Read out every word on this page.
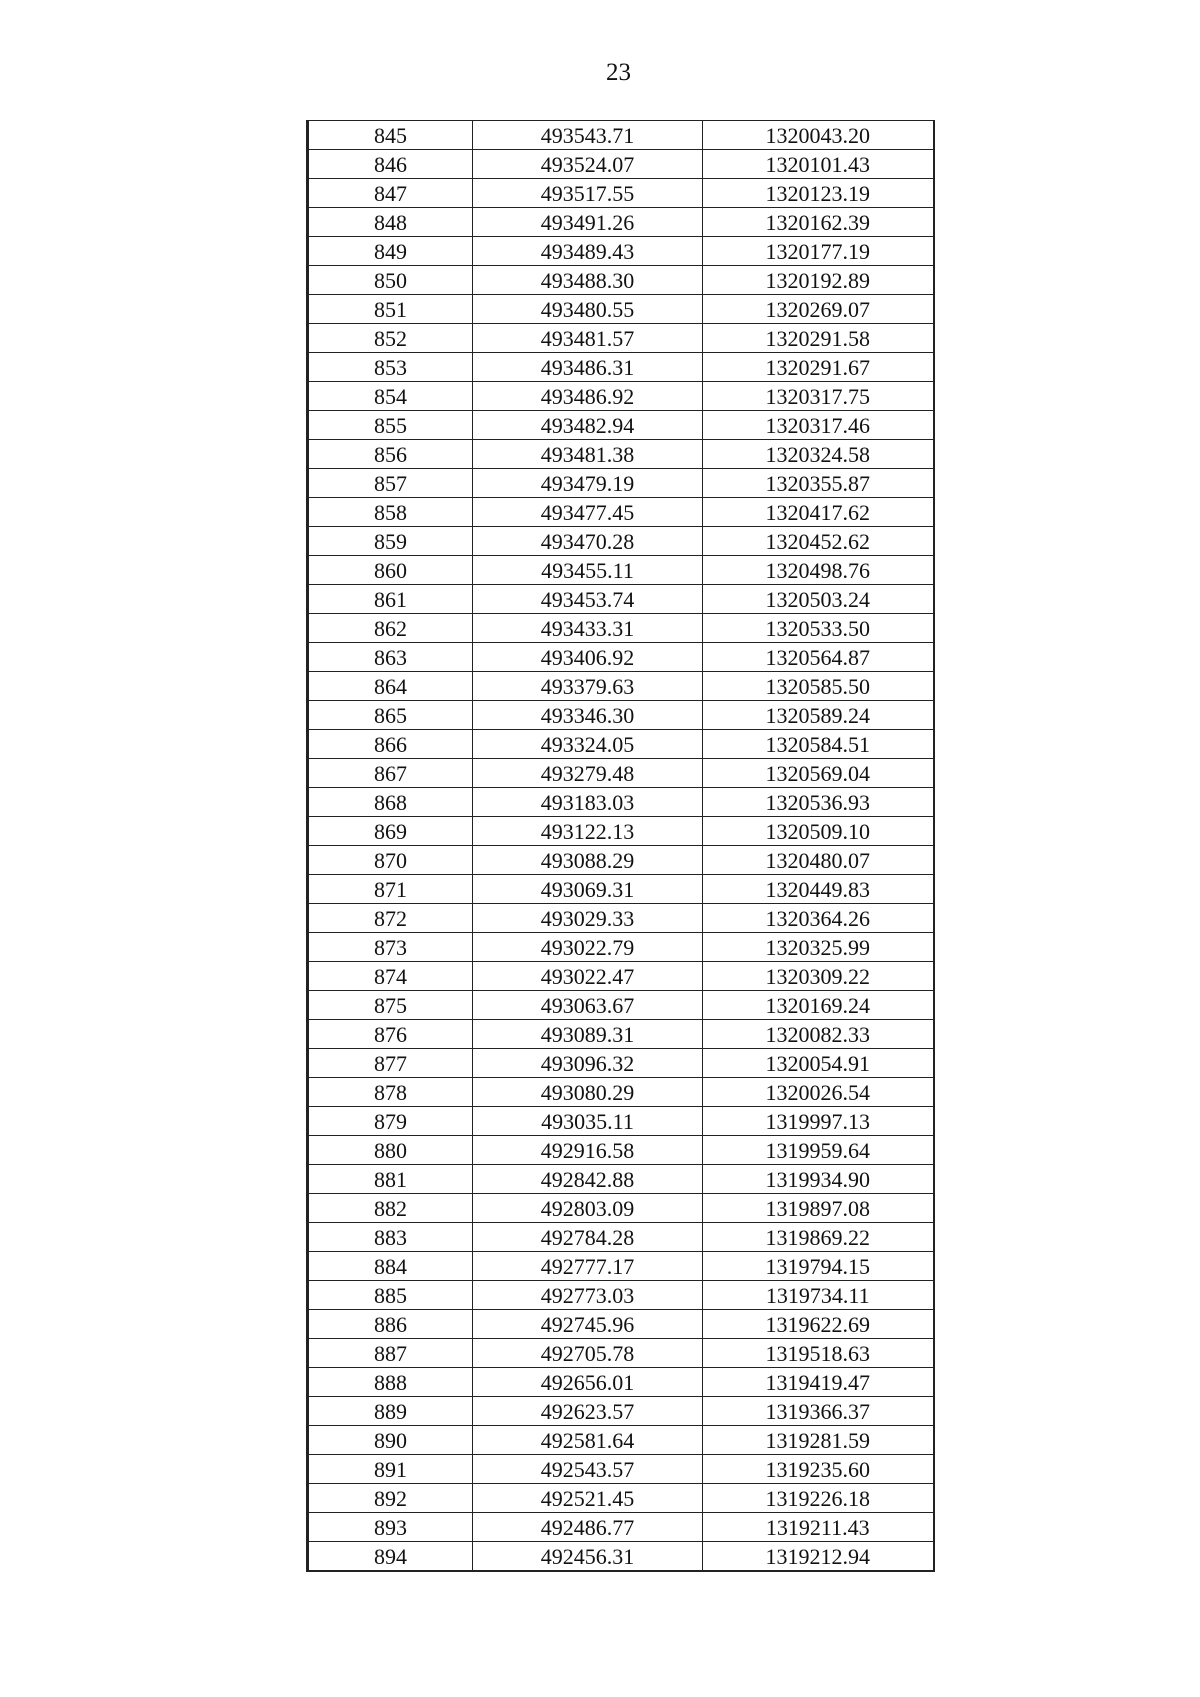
23
845	493543.71	1320043.20
846	493524.07	1320101.43
847	493517.55	1320123.19
848	493491.26	1320162.39
849	493489.43	1320177.19
850	493488.30	1320192.89
851	493480.55	1320269.07
852	493481.57	1320291.58
853	493486.31	1320291.67
854	493486.92	1320317.75
855	493482.94	1320317.46
856	493481.38	1320324.58
857	493479.19	1320355.87
858	493477.45	1320417.62
859	493470.28	1320452.62
860	493455.11	1320498.76
861	493453.74	1320503.24
862	493433.31	1320533.50
863	493406.92	1320564.87
864	493379.63	1320585.50
865	493346.30	1320589.24
866	493324.05	1320584.51
867	493279.48	1320569.04
868	493183.03	1320536.93
869	493122.13	1320509.10
870	493088.29	1320480.07
871	493069.31	1320449.83
872	493029.33	1320364.26
873	493022.79	1320325.99
874	493022.47	1320309.22
875	493063.67	1320169.24
876	493089.31	1320082.33
877	493096.32	1320054.91
878	493080.29	1320026.54
879	493035.11	1319997.13
880	492916.58	1319959.64
881	492842.88	1319934.90
882	492803.09	1319897.08
883	492784.28	1319869.22
884	492777.17	1319794.15
885	492773.03	1319734.11
886	492745.96	1319622.69
887	492705.78	1319518.63
888	492656.01	1319419.47
889	492623.57	1319366.37
890	492581.64	1319281.59
891	492543.57	1319235.60
892	492521.45	1319226.18
893	492486.77	1319211.43
894	492456.31	1319212.94
